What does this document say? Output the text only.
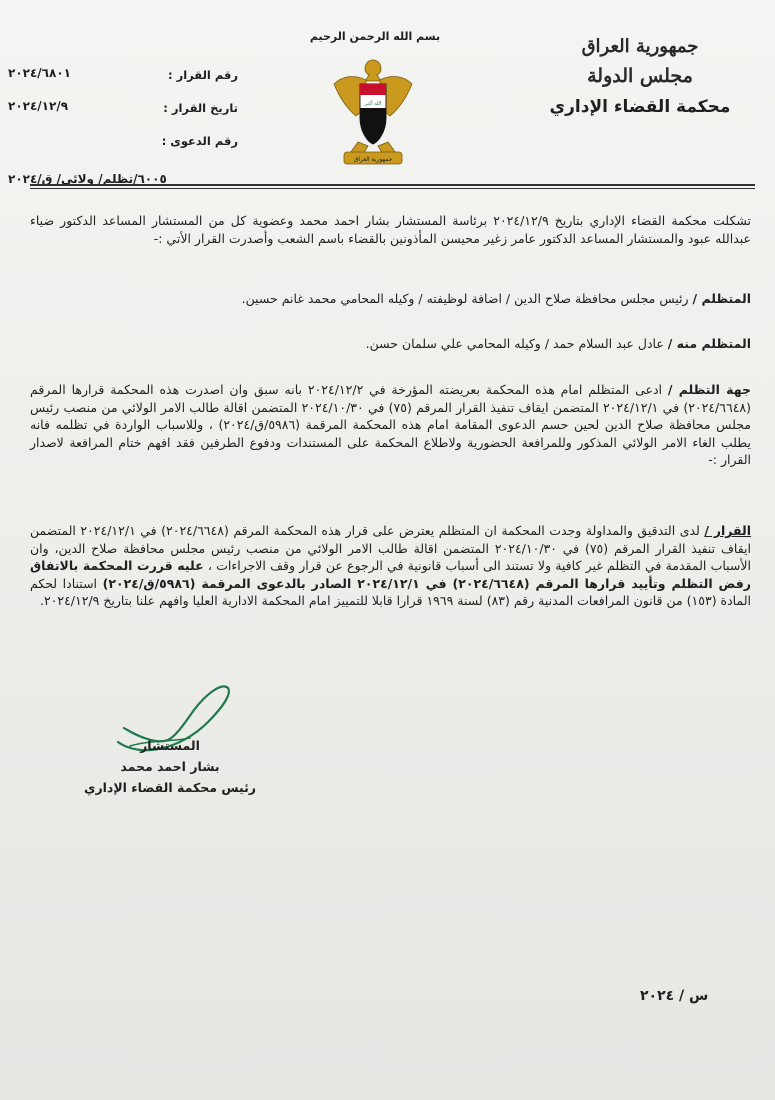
بسم الله الرحمن الرحيم
الله أكبر
جمهورية العراق
جمهورية العراق
مجلس الدولة
محكمة القضاء الإداري
رقم القرار :
٢٠٢٤/٦٨٠١
تاريخ القرار :
٢٠٢٤/١٢/٩
رقم الدعوى :
٦٠٠٥/تظلم/ ولائي/ ق/٢٠٢٤
تشكلت محكمة القضاء الإداري بتاريخ ٢٠٢٤/١٢/٩ برئاسة المستشار بشار احمد محمد وعضوية كل من المستشار المساعد الدكتور ضياء عبدالله عبود والمستشار المساعد الدكتور عامر زغير محيسن المأذونين بالقضاء باسم الشعب وأصدرت القرار الأتي :-
المتظلم / رئيس مجلس محافظة صلاح الدين / اضافة لوظيفته / وكيله المحامي محمد غانم حسين.
المتظلم منه / عادل عبد السلام حمد / وكيله المحامي علي سلمان حسن.
جهة التظلم / ادعى المتظلم امام هذه المحكمة بعريضته المؤرخة في ٢٠٢٤/١٢/٢ بانه سبق وان اصدرت هذه المحكمة قرارها المرقم (٢٠٢٤/٦٦٤٨) في ٢٠٢٤/١٢/١ المتضمن ايقاف تنفيذ القرار المرقم (٧٥) في ٢٠٢٤/١٠/٣٠ المتضمن اقالة طالب الامر الولائي من منصب رئيس مجلس محافظة صلاح الدين لحين حسم الدعوى المقامة امام هذه المحكمة المرقمة (٥٩٨٦/ق/٢٠٢٤) ، وللاسباب الواردة في تظلمه فانه يطلب الغاء الامر الولائي المذكور وللمرافعة الحضورية ولاطلاع المحكمة على المستندات ودفوع الطرفين فقد افهم ختام المرافعة لاصدار القرار :-
القرار / لدى التدقيق والمداولة وجدت المحكمة ان المتظلم يعترض على قرار هذه المحكمة المرقم (٢٠٢٤/٦٦٤٨) في ٢٠٢٤/١٢/١ المتضمن ايقاف تنفيذ القرار المرقم (٧٥) في ٢٠٢٤/١٠/٣٠ المتضمن اقالة طالب الامر الولائي من منصب رئيس مجلس محافظة صلاح الدين، وان الأسباب المقدمة في التظلم غير كافية ولا تستند الى أسباب قانونية في الرجوع عن قرار وقف الاجراءات ، عليه قررت المحكمة بالاتفاق رفض التظلم وتأييد قرارها المرقم (٢٠٢٤/٦٦٤٨) في ٢٠٢٤/١٢/١ الصادر بالدعوى المرقمة (٥٩٨٦/ق/٢٠٢٤) استنادا لحكم المادة (١٥٣) من قانون المرافعات المدنية رقم (٨٣) لسنة ١٩٦٩ قرارا قابلا للتمييز امام المحكمة الادارية العليا وافهم علنا بتاريخ ٢٠٢٤/١٢/٩.
المستشار
بشار احمد محمد
رئيس محكمة القضاء الإداري
س / ٢٠٢٤
